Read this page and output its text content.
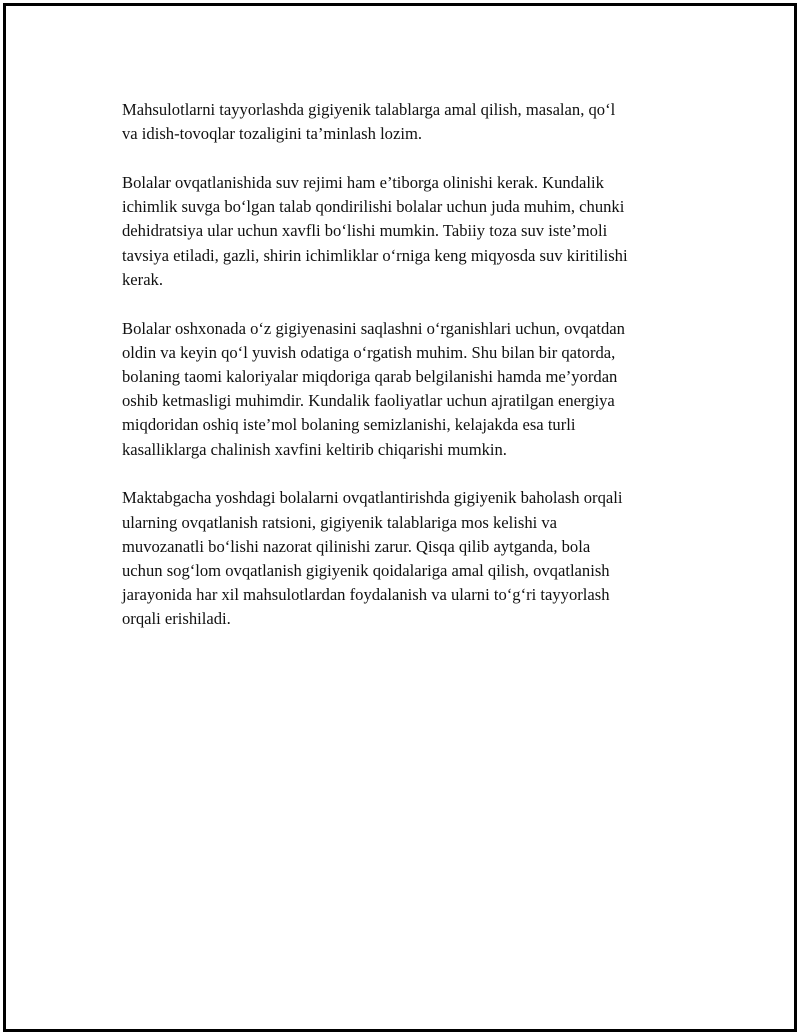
Mahsulotlarni tayyorlashda gigiyenik talablarga amal qilish, masalan, qo‘l
va idish-tovoqlar tozaligini ta’minlash lozim.

Bolalar ovqatlanishida suv rejimi ham e’tiborga olinishi kerak. Kundalik
ichimlik suvga bo‘lgan talab qondirilishi bolalar uchun juda muhim, chunki
dehidratsiya ular uchun xavfli bo‘lishi mumkin. Tabiiy toza suv iste’moli
tavsiya etiladi, gazli, shirin ichimliklar o‘rniga keng miqyosda suv kiritilishi
kerak.

Bolalar oshxonada o‘z gigiyenasini saqlashni o‘rganishlari uchun, ovqatdan
oldin va keyin qo‘l yuvish odatiga o‘rgatish muhim. Shu bilan bir qatorda,
bolaning taomi kaloriyalar miqdoriga qarab belgilanishi hamda me’yordan
oshib ketmasligi muhimdir. Kundalik faoliyatlar uchun ajratilgan energiya
miqdoridan oshiq iste’mol bolaning semizlanishi, kelajakda esa turli
kasalliklarga chalinish xavfini keltirib chiqarishi mumkin.

Maktabgacha yoshdagi bolalarni ovqatlantirishda gigiyenik baholash orqali
ularning ovqatlanish ratsioni, gigiyenik talablariga mos kelishi va
muvozanatli bo‘lishi nazorat qilinishi zarur. Qisqa qilib aytganda, bola
uchun sog‘lom ovqatlanish gigiyenik qoidalariga amal qilish, ovqatlanish
jarayonida har xil mahsulotlardan foydalanish va ularni to‘g‘ri tayyorlash
orqali erishiladi.
